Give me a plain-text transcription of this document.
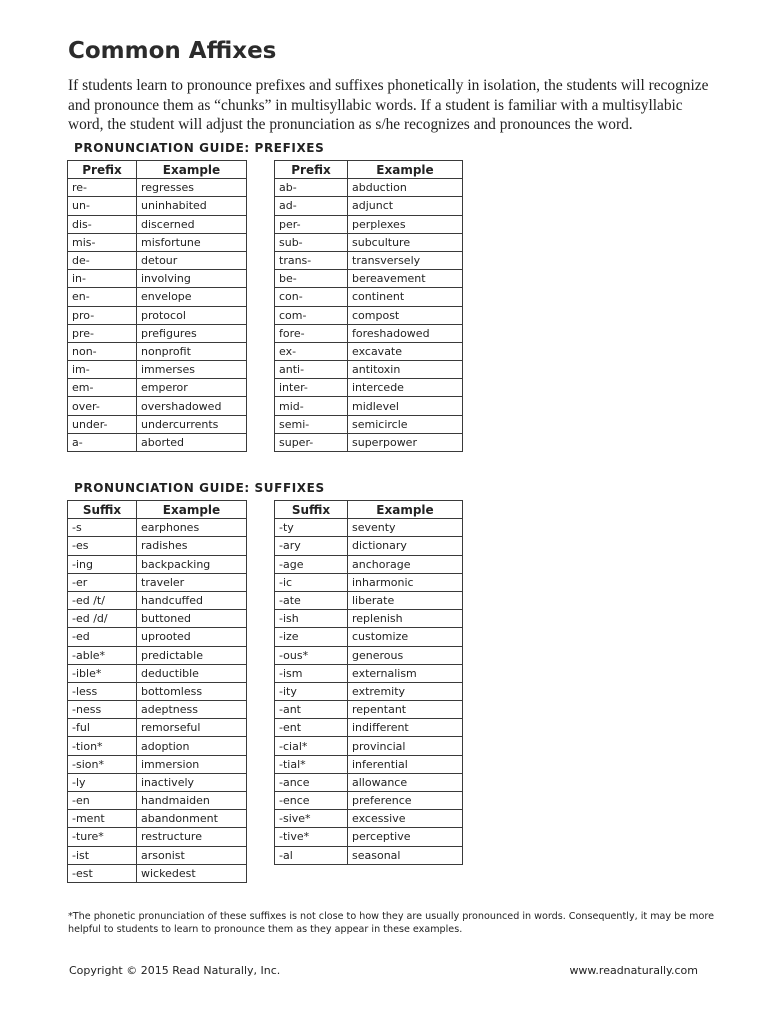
Common Affixes
If students learn to pronounce prefixes and suffixes phonetically in isolation, the students will recognize and pronounce them as “chunks” in multisyllabic words. If a student is familiar with a multisyllabic word, the student will adjust the pronunciation as s/he recognizes and pronounces the word.
PRONUNCIATION GUIDE: PREFIXES
Prefix	Example
re-	regresses
un-	uninhabited
dis-	discerned
mis-	misfortune
de-	detour
in-	involving
en-	envelope
pro-	protocol
pre-	prefigures
non-	nonprofit
im-	immerses
em-	emperor
over-	overshadowed
under-	undercurrents
a-	aborted
Prefix	Example
ab-	abduction
ad-	adjunct
per-	perplexes
sub-	subculture
trans-	transversely
be-	bereavement
con-	continent
com-	compost
fore-	foreshadowed
ex-	excavate
anti-	antitoxin
inter-	intercede
mid-	midlevel
semi-	semicircle
super-	superpower
PRONUNCIATION GUIDE: SUFFIXES
Suffix	Example
-s	earphones
-es	radishes
-ing	backpacking
-er	traveler
-ed /t/	handcuffed
-ed /d/	buttoned
-ed	uprooted
-able*	predictable
-ible*	deductible
-less	bottomless
-ness	adeptness
-ful	remorseful
-tion*	adoption
-sion*	immersion
-ly	inactively
-en	handmaiden
-ment	abandonment
-ture*	restructure
-ist	arsonist
-est	wickedest
Suffix	Example
-ty	seventy
-ary	dictionary
-age	anchorage
-ic	inharmonic
-ate	liberate
-ish	replenish
-ize	customize
-ous*	generous
-ism	externalism
-ity	extremity
-ant	repentant
-ent	indifferent
-cial*	provincial
-tial*	inferential
-ance	allowance
-ence	preference
-sive*	excessive
-tive*	perceptive
-al	seasonal
*The phonetic pronunciation of these suffixes is not close to how they are usually pronounced in words. Consequently, it may be more helpful to students to learn to pronounce them as they appear in these examples.
Copyright © 2015 Read Naturally, Inc.	www.readnaturally.com
